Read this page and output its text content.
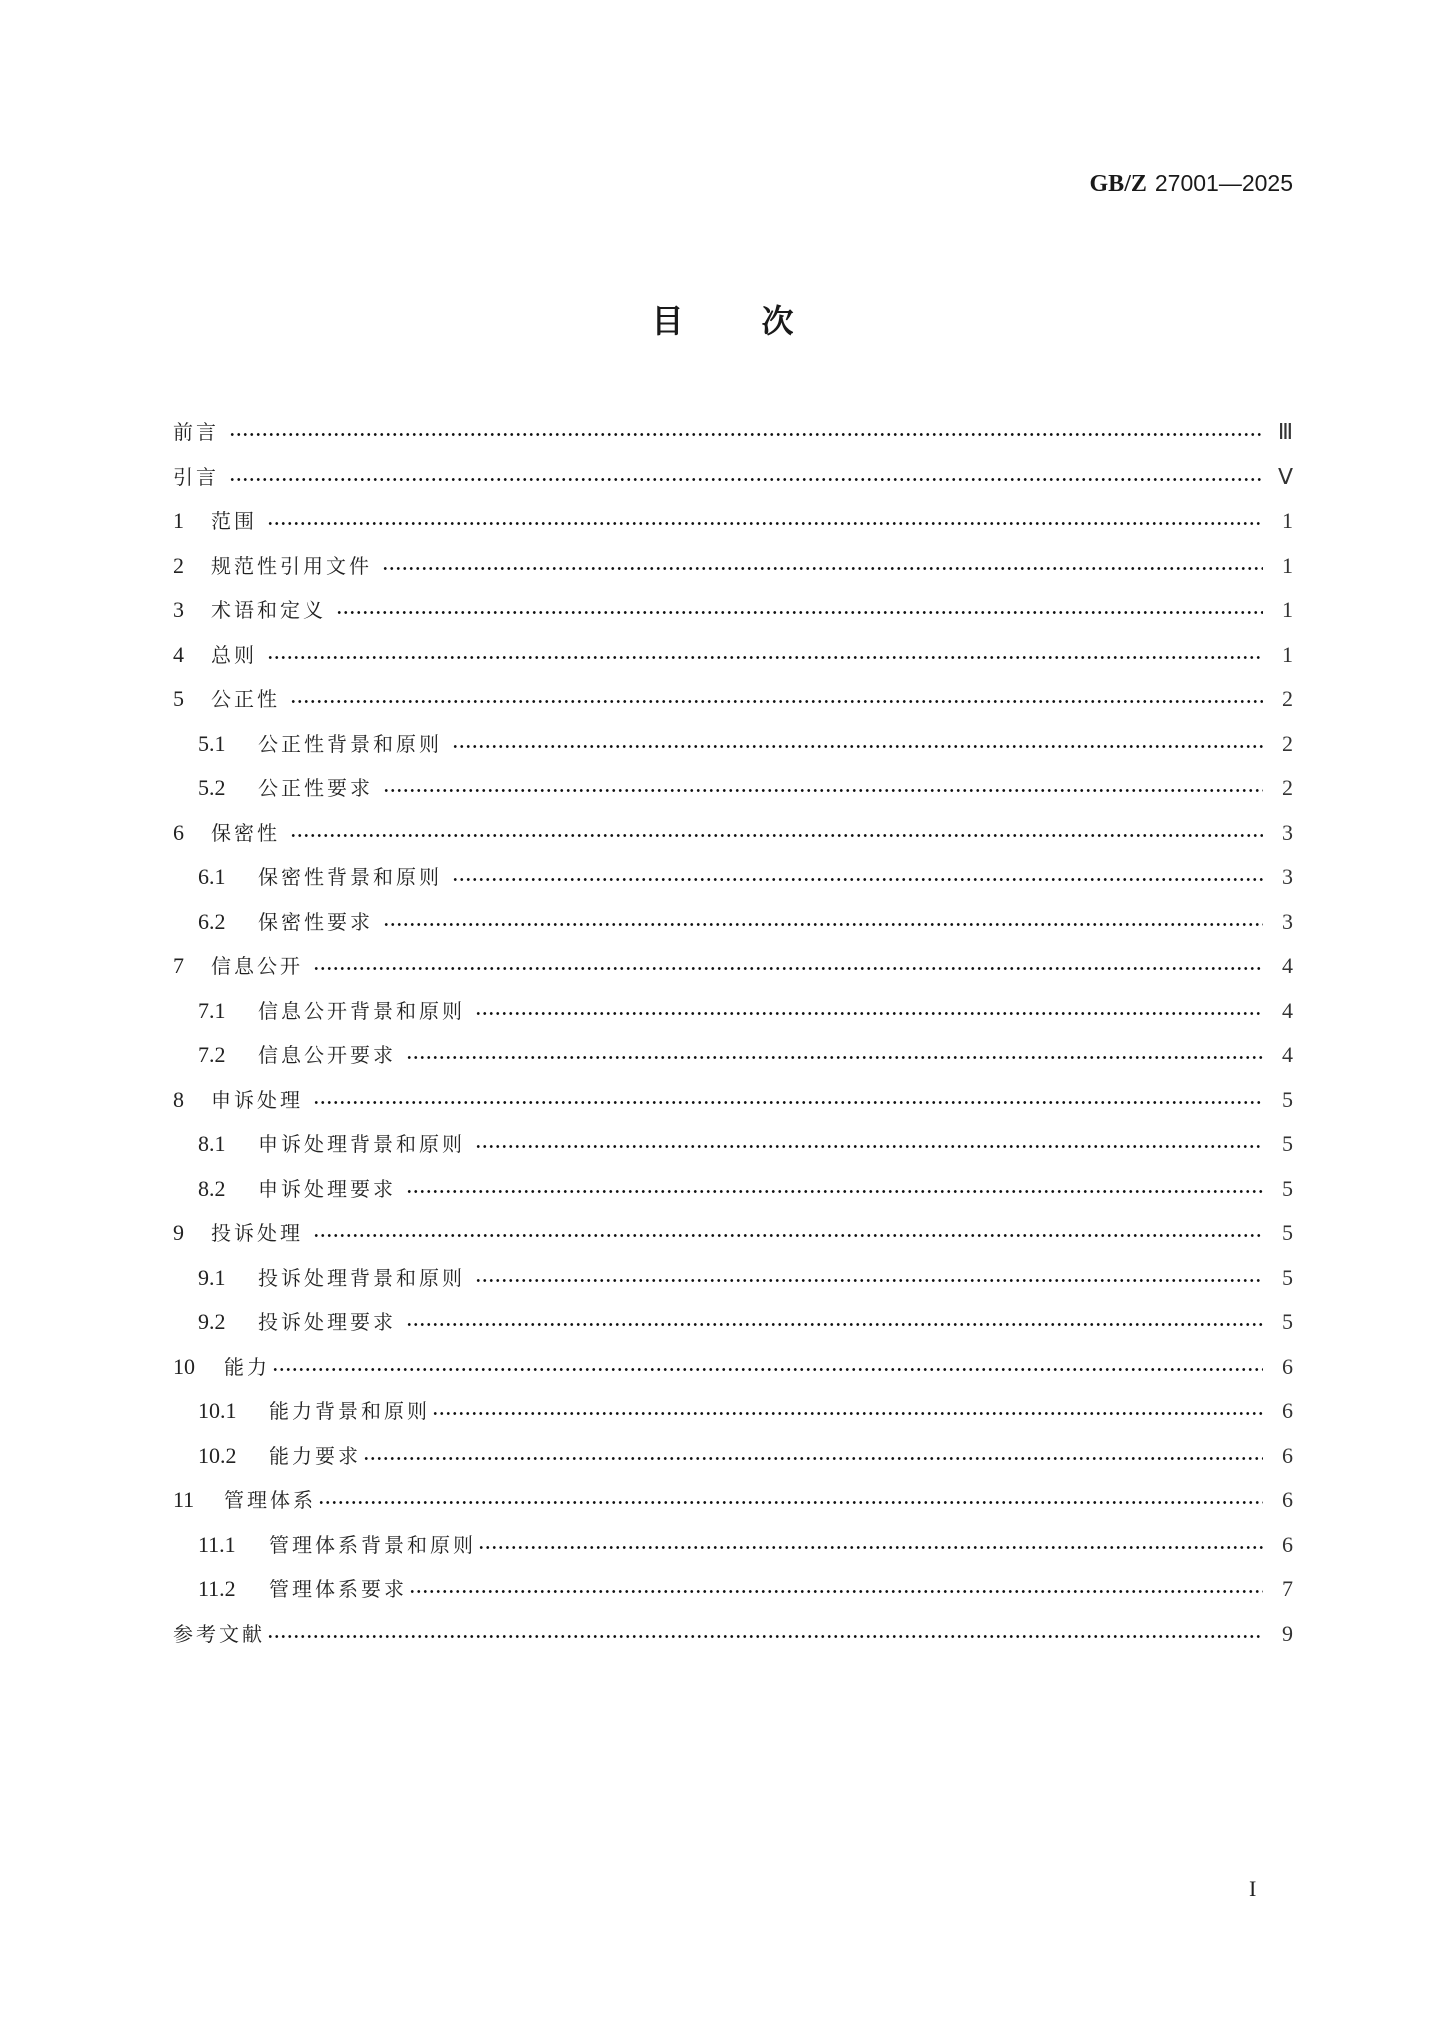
GB/Z 27001—2025
目次
前言	Ⅲ
引言	Ⅴ
1	范围	1
2	规范性引用文件	1
3	术语和定义	1
4	总则	1
5	公正性	2
5.1	公正性背景和原则	2
5.2	公正性要求	2
6	保密性	3
6.1	保密性背景和原则	3
6.2	保密性要求	3
7	信息公开	4
7.1	信息公开背景和原则	4
7.2	信息公开要求	4
8	申诉处理	5
8.1	申诉处理背景和原则	5
8.2	申诉处理要求	5
9	投诉处理	5
9.1	投诉处理背景和原则	5
9.2	投诉处理要求	5
10	能力	6
10.1	能力背景和原则	6
10.2	能力要求	6
11	管理体系	6
11.1	管理体系背景和原则	6
11.2	管理体系要求	7
参考文献	9
I
